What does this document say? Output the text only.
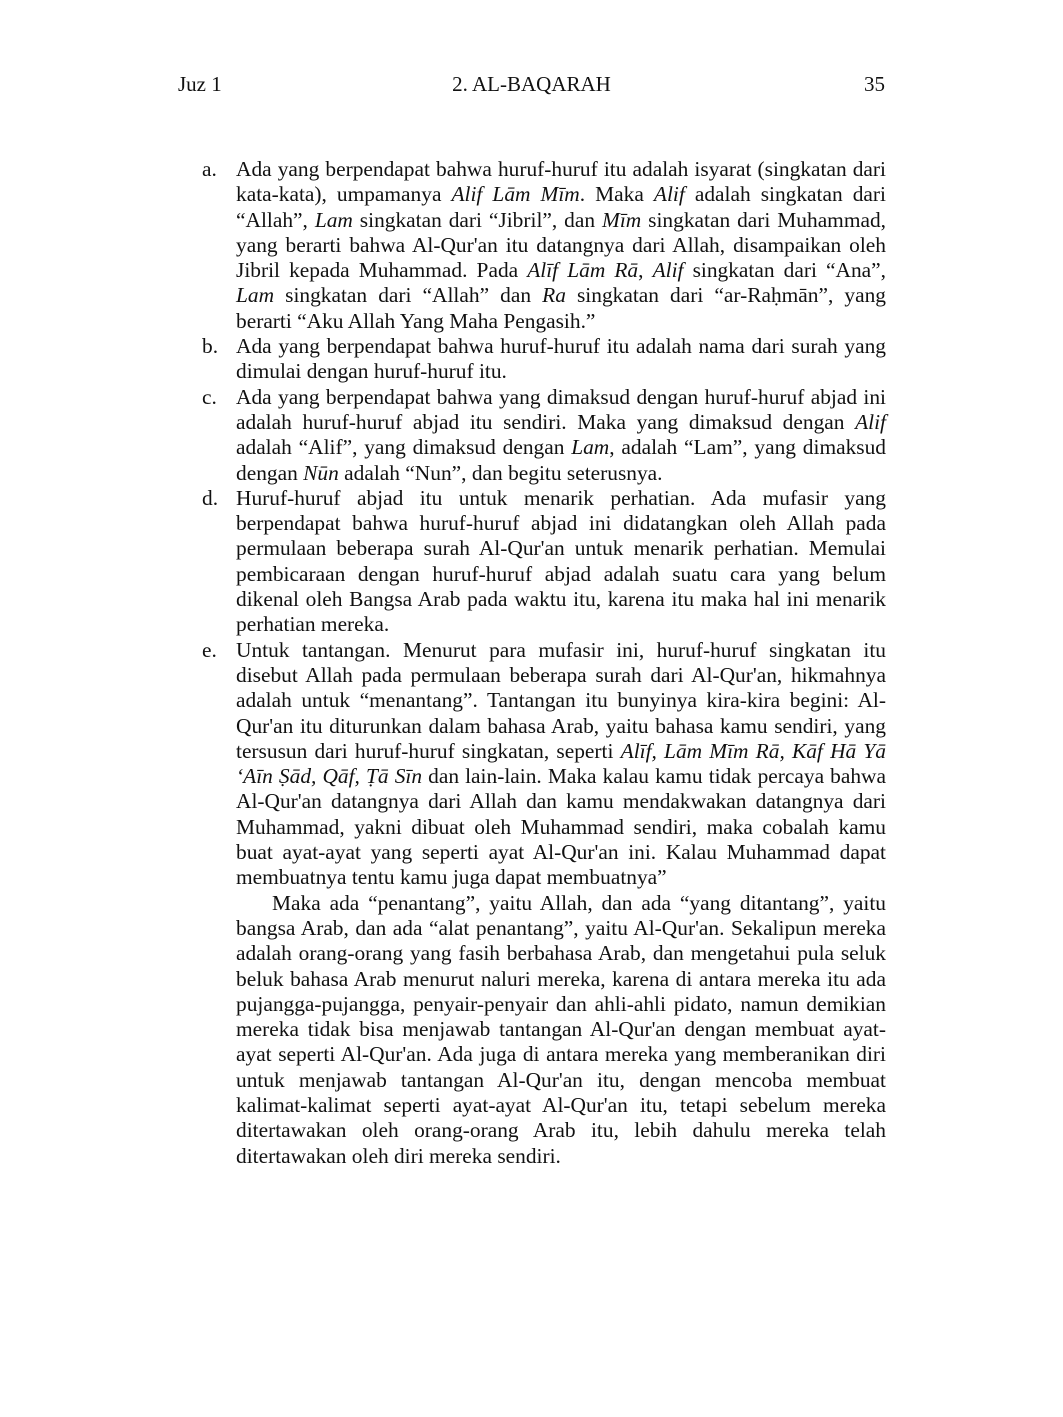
Juz 1	2. AL-BAQARAH	35
a. Ada yang berpendapat bahwa huruf-huruf itu adalah isyarat (singkatan dari kata-kata), umpamanya Alif Lām Mīm. Maka Alif adalah singkatan dari “Allah”, Lam singkatan dari “Jibril”, dan Mīm singkatan dari Muhammad, yang berarti bahwa Al-Qur'an itu datangnya dari Allah, disampaikan oleh Jibril kepada Muhammad. Pada Alīf Lām Rā, Alif singkatan dari “Ana”, Lam singkatan dari “Allah” dan Ra singkatan dari “ar-Raḥmān”, yang berarti “Aku Allah Yang Maha Pengasih.”
b. Ada yang berpendapat bahwa huruf-huruf itu adalah nama dari surah yang dimulai dengan huruf-huruf itu.
c. Ada yang berpendapat bahwa yang dimaksud dengan huruf-huruf abjad ini adalah huruf-huruf abjad itu sendiri. Maka yang dimaksud dengan Alif adalah “Alif”, yang dimaksud dengan Lam, adalah “Lam”, yang dimaksud dengan Nūn adalah “Nun”, dan begitu seterusnya.
d. Huruf-huruf abjad itu untuk menarik perhatian. Ada mufasir yang berpendapat bahwa huruf-huruf abjad ini didatangkan oleh Allah pada permulaan beberapa surah Al-Qur'an untuk menarik perhatian. Memulai pembicaraan dengan huruf-huruf abjad adalah suatu cara yang belum dikenal oleh Bangsa Arab pada waktu itu, karena itu maka hal ini menarik perhatian mereka.
e. Untuk tantangan. Menurut para mufasir ini, huruf-huruf singkatan itu disebut Allah pada permulaan beberapa surah dari Al-Qur'an, hikmahnya adalah untuk “menantang”. Tantangan itu bunyinya kira-kira begini: Al-Qur'an itu diturunkan dalam bahasa Arab, yaitu bahasa kamu sendiri, yang tersusun dari huruf-huruf singkatan, seperti Alīf, Lām Mīm Rā, Kāf Hā Yā ‘Aīn Ṣād, Qāf, Ṭā Sīn dan lain-lain. Maka kalau kamu tidak percaya bahwa Al-Qur'an datangnya dari Allah dan kamu mendakwakan datangnya dari Muhammad, yakni dibuat oleh Muhammad sendiri, maka cobalah kamu buat ayat-ayat yang seperti ayat Al-Qur'an ini. Kalau Muhammad dapat membuatnya tentu kamu juga dapat membuatnya”
Maka ada “penantang”, yaitu Allah, dan ada “yang ditantang”, yaitu bangsa Arab, dan ada “alat penantang”, yaitu Al-Qur'an. Sekalipun mereka adalah orang-orang yang fasih berbahasa Arab, dan mengetahui pula seluk beluk bahasa Arab menurut naluri mereka, karena di antara mereka itu ada pujangga-pujangga, penyair-penyair dan ahli-ahli pidato, namun demikian mereka tidak bisa menjawab tantangan Al-Qur'an dengan membuat ayat-ayat seperti Al-Qur'an. Ada juga di antara mereka yang memberanikan diri untuk menjawab tantangan Al-Qur'an itu, dengan mencoba membuat kalimat-kalimat seperti ayat-ayat Al-Qur'an itu, tetapi sebelum mereka ditertawakan oleh orang-orang Arab itu, lebih dahulu mereka telah ditertawakan oleh diri mereka sendiri.
